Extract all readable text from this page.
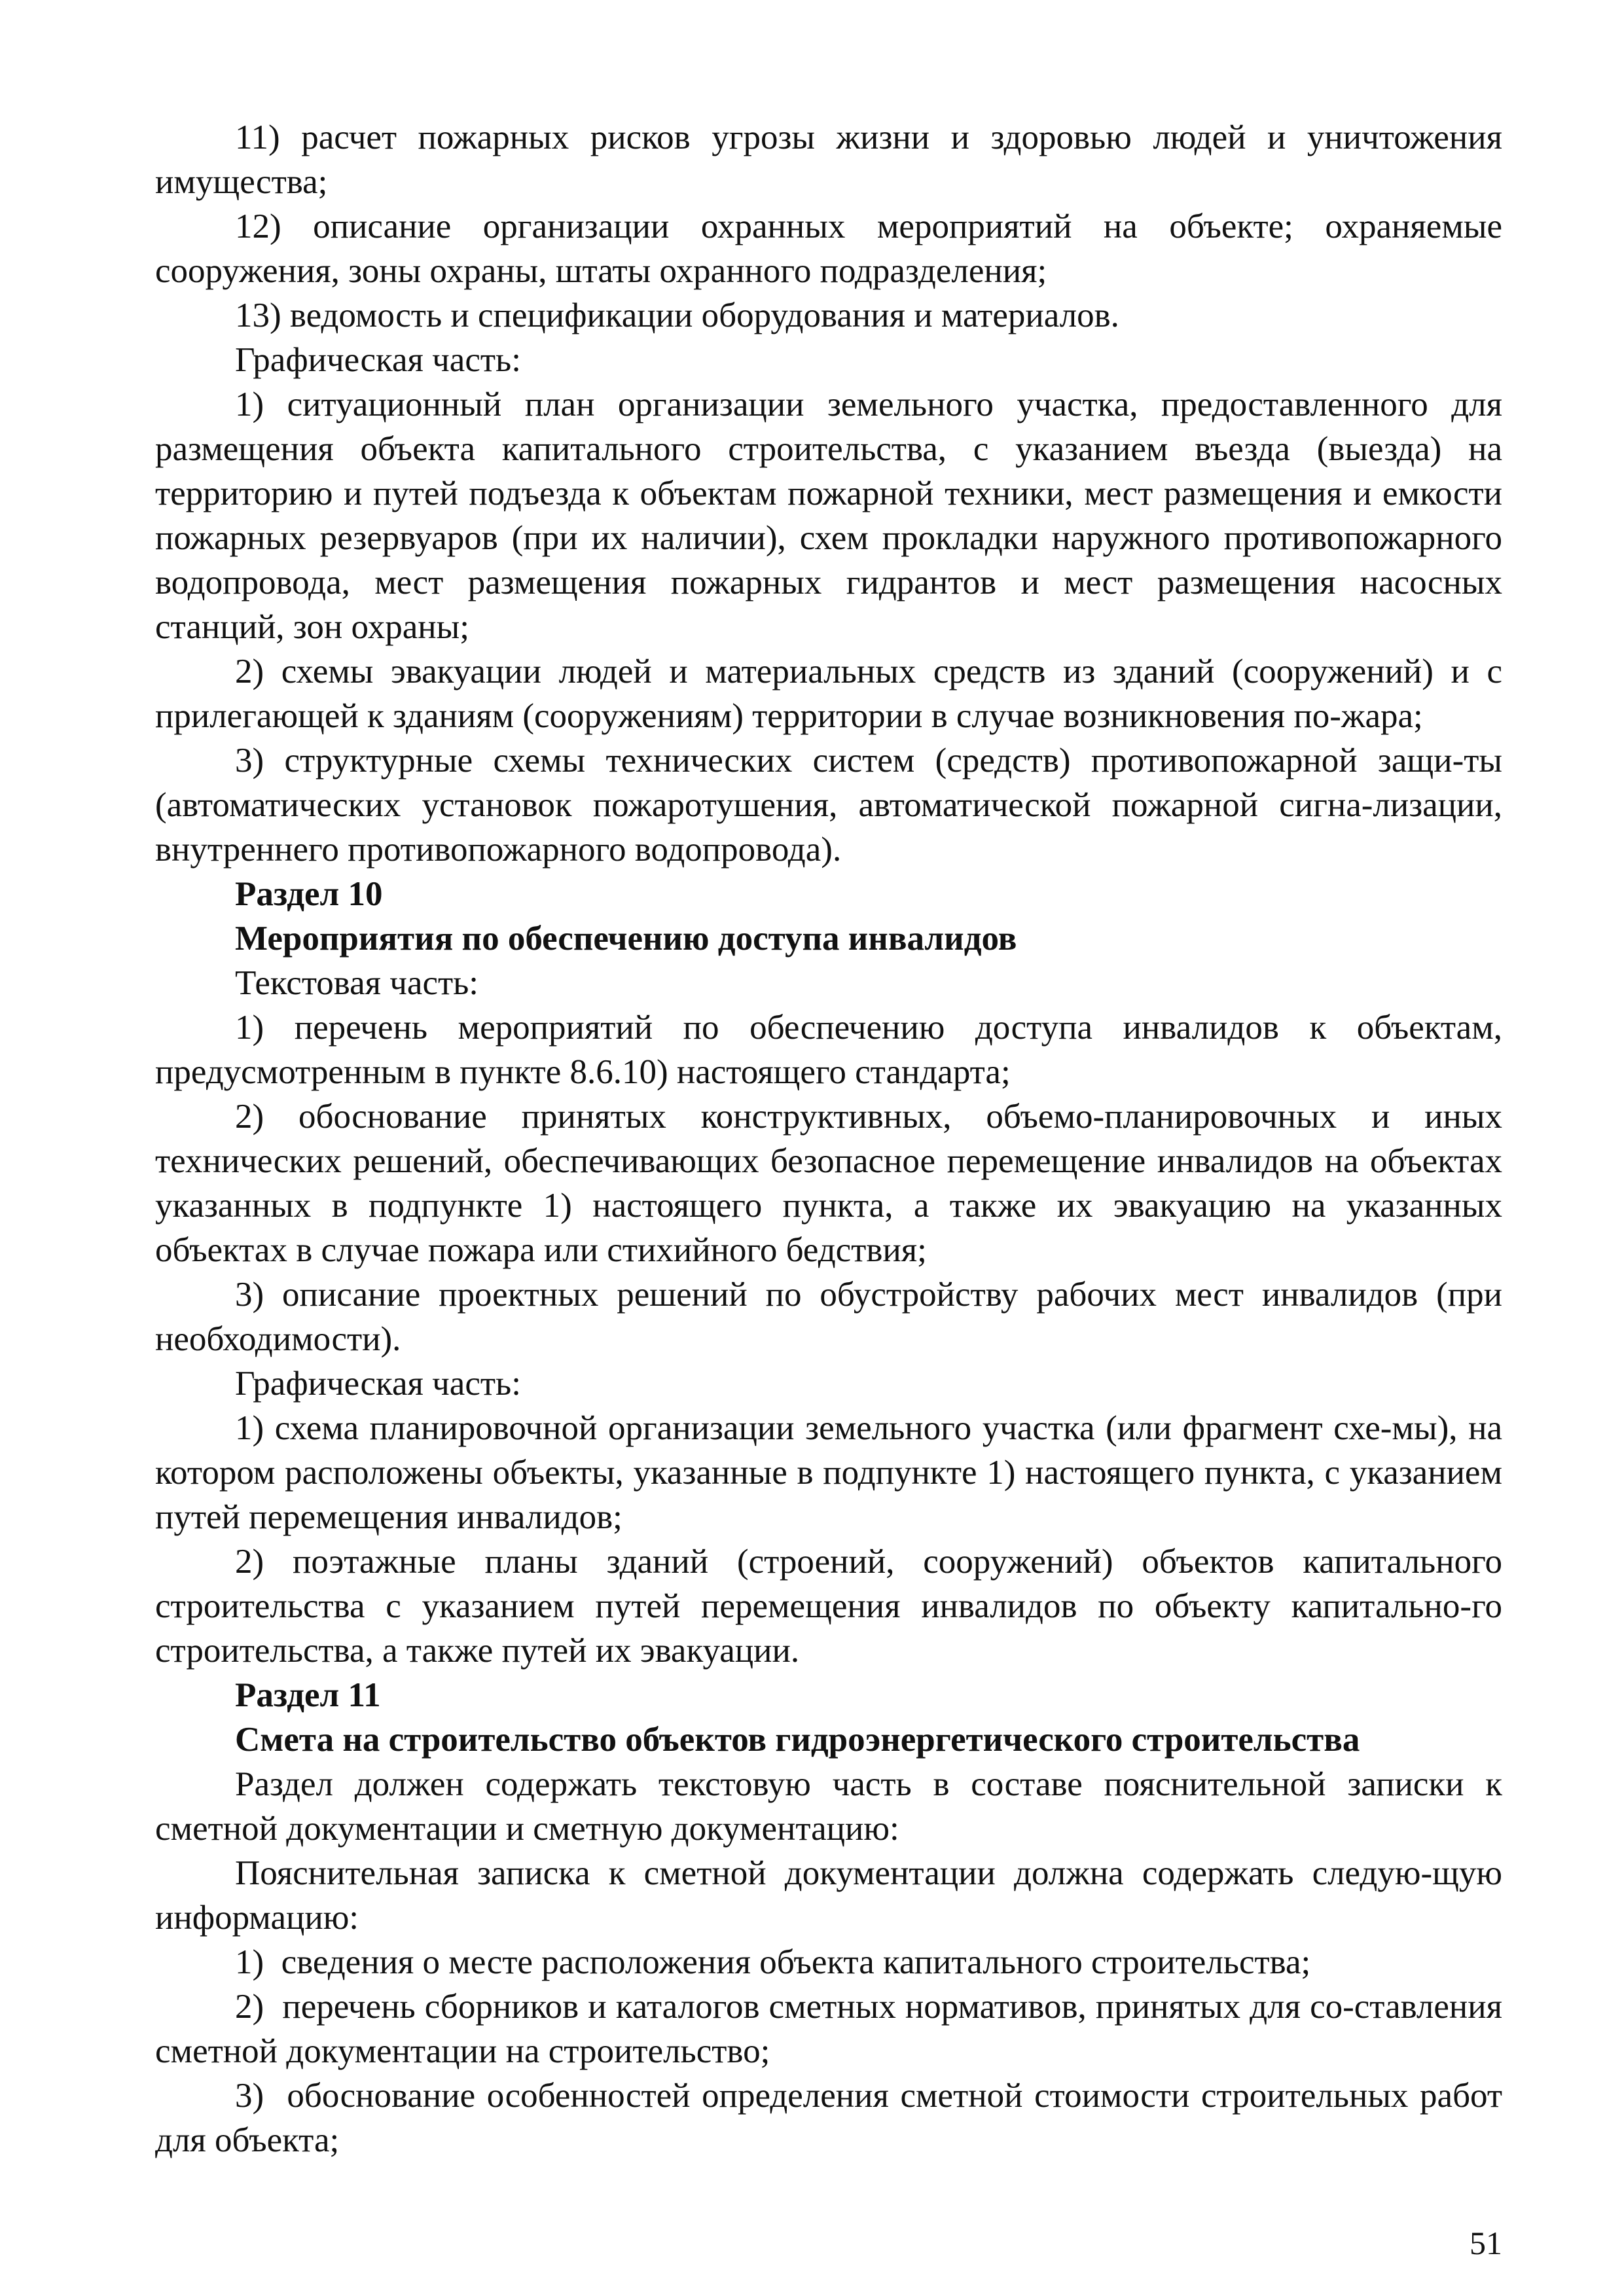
11) расчет пожарных рисков угрозы жизни и здоровью людей и уничтожения имущества;

12) описание организации охранных мероприятий на объекте; охраняемые сооружения, зоны охраны, штаты охранного подразделения;

13) ведомость и спецификации оборудования и материалов.

Графическая часть:

1) ситуационный план организации земельного участка, предоставленного для размещения объекта капитального строительства, с указанием въезда (выезда) на территорию и путей подъезда к объектам пожарной техники, мест размещения и емкости пожарных резервуаров (при их наличии), схем прокладки наружного противопожарного водопровода, мест размещения пожарных гидрантов и мест размещения насосных станций, зон охраны;

2) схемы эвакуации людей и материальных средств из зданий (сооружений) и с прилегающей к зданиям (сооружениям) территории в случае возникновения по-жара;

3) структурные схемы технических систем (средств) противопожарной защи-ты (автоматических установок пожаротушения, автоматической пожарной сигна-лизации, внутреннего противопожарного водопровода).

Раздел 10

Мероприятия по обеспечению доступа инвалидов

Текстовая часть:

1) перечень мероприятий по обеспечению доступа инвалидов к объектам, предусмотренным в пункте 8.6.10) настоящего стандарта;

2) обоснование принятых конструктивных, объемо-планировочных и иных технических решений, обеспечивающих безопасное перемещение инвалидов на объектах указанных в подпункте 1) настоящего пункта, а также их эвакуацию на указанных объектах в случае пожара или стихийного бедствия;

3) описание проектных решений по обустройству рабочих мест инвалидов (при необходимости).

Графическая часть:

1) схема планировочной организации земельного участка (или фрагмент схе-мы), на котором расположены объекты, указанные в подпункте 1) настоящего пункта, с указанием путей перемещения инвалидов;

2) поэтажные планы зданий (строений, сооружений) объектов капитального строительства с указанием путей перемещения инвалидов по объекту капитально-го строительства, а также путей их эвакуации.

Раздел 11

Смета на строительство объектов гидроэнергетического строительства

Раздел должен содержать текстовую часть в составе пояснительной записки к сметной документации и сметную документацию:

Пояснительная записка к сметной документации должна содержать следую-щую информацию:

1)  сведения о месте расположения объекта капитального строительства;

2)  перечень сборников и каталогов сметных нормативов, принятых для со-ставления сметной документации на строительство;

3)  обоснование особенностей определения сметной стоимости строительных работ для объекта;

51
